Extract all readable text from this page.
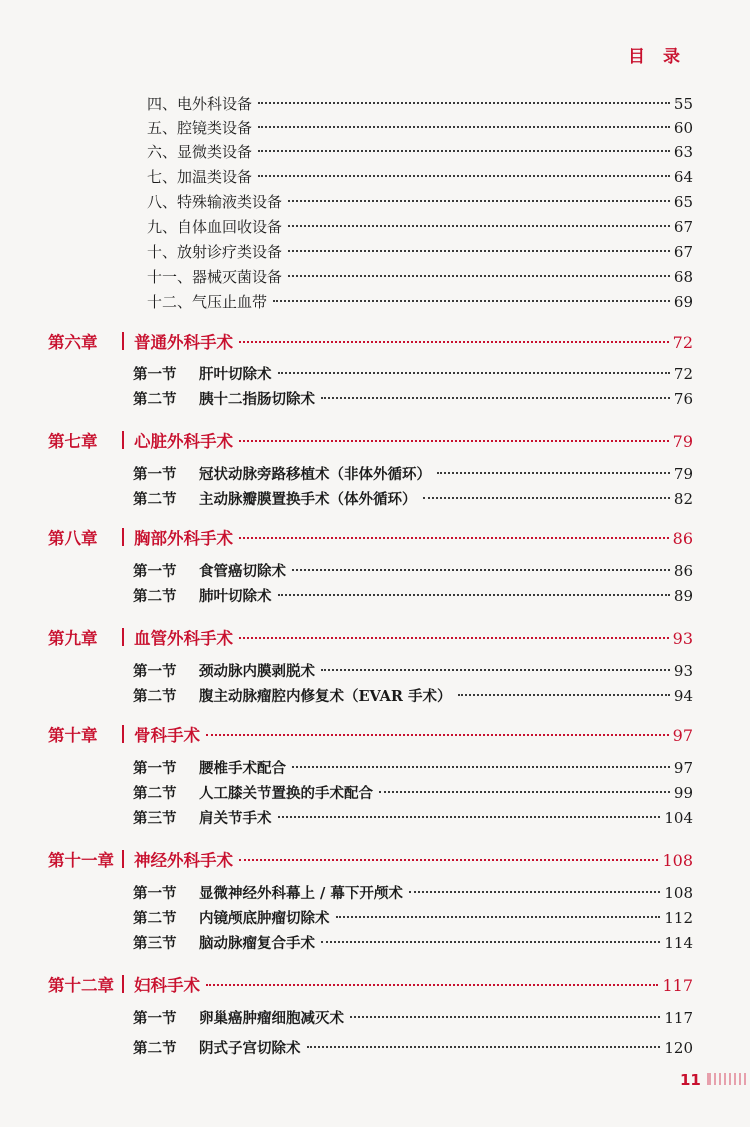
目录
四、电外科设备	55
五、腔镜类设备	60
六、显微类设备	63
七、加温类设备	64
八、特殊输液类设备	65
九、自体血回收设备	67
十、放射诊疗类设备	67
十一、器械灭菌设备	68
十二、气压止血带	69
第六章	普通外科手术	72
第一节	肝叶切除术	72
第二节	胰十二指肠切除术	76
第七章	心脏外科手术	79
第一节	冠状动脉旁路移植术（非体外循环）	79
第二节	主动脉瓣膜置换手术（体外循环）	82
第八章	胸部外科手术	86
第一节	食管癌切除术	86
第二节	肺叶切除术	89
第九章	血管外科手术	93
第一节	颈动脉内膜剥脱术	93
第二节	腹主动脉瘤腔内修复术（EVAR 手术）	94
第十章	骨科手术	97
第一节	腰椎手术配合	97
第二节	人工膝关节置换的手术配合	99
第三节	肩关节手术	104
第十一章	神经外科手术	108
第一节	显微神经外科幕上 / 幕下开颅术	108
第二节	内镜颅底肿瘤切除术	112
第三节	脑动脉瘤复合手术	114
第十二章	妇科手术	117
第一节	卵巢癌肿瘤细胞减灭术	117
第二节	阴式子宫切除术	120
11
